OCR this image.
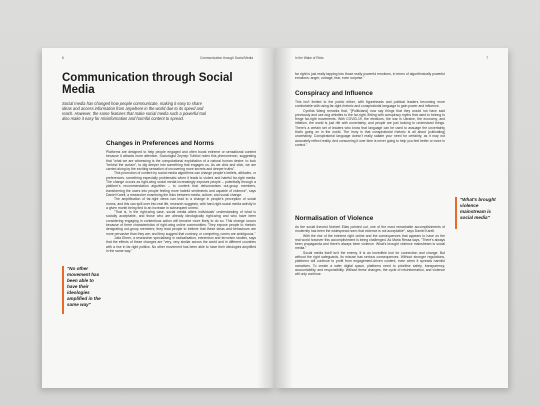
6	Communication through Social Media
Communication through Social Media
Social media has changed how people communicate, making it easy to share ideas and access information from anywhere in the world due to its speed and reach. However, the same features that make social media such a powerful tool also make it easy for misinformation and harmful content to spread.
Changes in Preferences and Norms

Platforms are designed to help people engaged and often boost extreme or sensational content because it attracts more attention. Sociologist Zeynep Tufekci notes this phenomenon, suggesting that "what we are witnessing is the computational exploitation of a natural human desire: to look "behind the curtain", to dig deeper into something that engages us. As we click and click, we are carried along by the exciting sensation of uncovering more secrets and deeper truths".

This promotion of content by social media algorithms can change people's beliefs, attitudes, or preferences, something especially problematic when it leads to violent and hateful far-right media. The change occurs as right-wing social media increasingly exposes people – potentially through a platform's recommendation algorithm – to content that dehumanises out-group members, transforming the users into people feeling more hateful sentiments and capable of violence", says Daniel Karell, a researcher examining the links between media, culture, and social change.

The amplification of far-right views can lead to a change in people's perception of social norms, and this can spill over into real life, research suggests, with hard-right social media activity in a given month being tied to an increase in subsequent unrest.

"That is, in the right-wing case, social media alters individuals' understanding of what is socially acceptable, and those who are already ideologically right-wing and who have been considering engaging in contentious action will become more likely to do so. This change occurs because of three characteristics of right-wing online communities: They expose people to rhetoric denigrating out-group members; they lead people to believe that these ideas and behaviours are more pervasive than they are; and they suggest that contrary, or competing, norms are ambiguous."

Julia Ebner, a researcher specialising in radicalisation, extremism and terrorism studies, says that the effects of these changes are "very, very similar across the world and in different countries with a rise in far-right politics. No other movement has been able to have their ideologies amplified in the same way."

"No other movement has been able to have their ideologies amplified in the same way"
In the Wake of Riots	7
far right is just really tapping into those really powerful emotions, in terms of algorithmically powerful emotions: anger, outrage, fear, even surprise."
Conspiracy and Influence

This isn't limited to the public either, with figureheads and political leaders becoming more comfortable with using far-right rhetoric and conspiratorial language to gain power and influence.

Cynthia Wang remarks that, "[Politicians] now say things that they would not have said previously and use dog whistles to the far-right, flirting with conspiracy myths that used to belong to fringe far-right movements. With COVID-19, the elections, the war in Ukraine, the economy, and inflation, the world is just rife with uncertainty, and people are just looking to understand things. There's a certain set of leaders who know that language can be used to assuage the uncertainty that's going on in the world. The irony is that conspiratorial rhetoric is all about [cultivating] uncertainty. Conspiratorial language doesn't really satiate your need for certainty, as it may not accurately reflect reality. And consuming it over time is never going to help you feel better or more in control."

Normalisation of Violence

As the social theorist Norbert Elias pointed out, one of the most remarkable accomplishments of modernity has been the widespread norm that violence is not acceptable", says Daniel Karell.

With the rise of the extreme right online and the consequences that appears to have on the real world however this accomplishment is being challenged. As Maria Ressa says, "There's always been propaganda and there's always been violence. What's brought violence mainstream is social media."

Social media itself isn't the enemy. It is an incredible tool for connection and change. But without the right safeguards, its misuse has serious consequences. Without stronger regulations, platforms will continue to profit from engagement-driven content, even when it spreads harmful narratives. To create a safer digital space, platforms need to prioritise safety, transparency, accountability, and responsibility. Without these changes, the cycle of misinformation, and violence will only continue.

"What's brought violence mainstream is social media"
